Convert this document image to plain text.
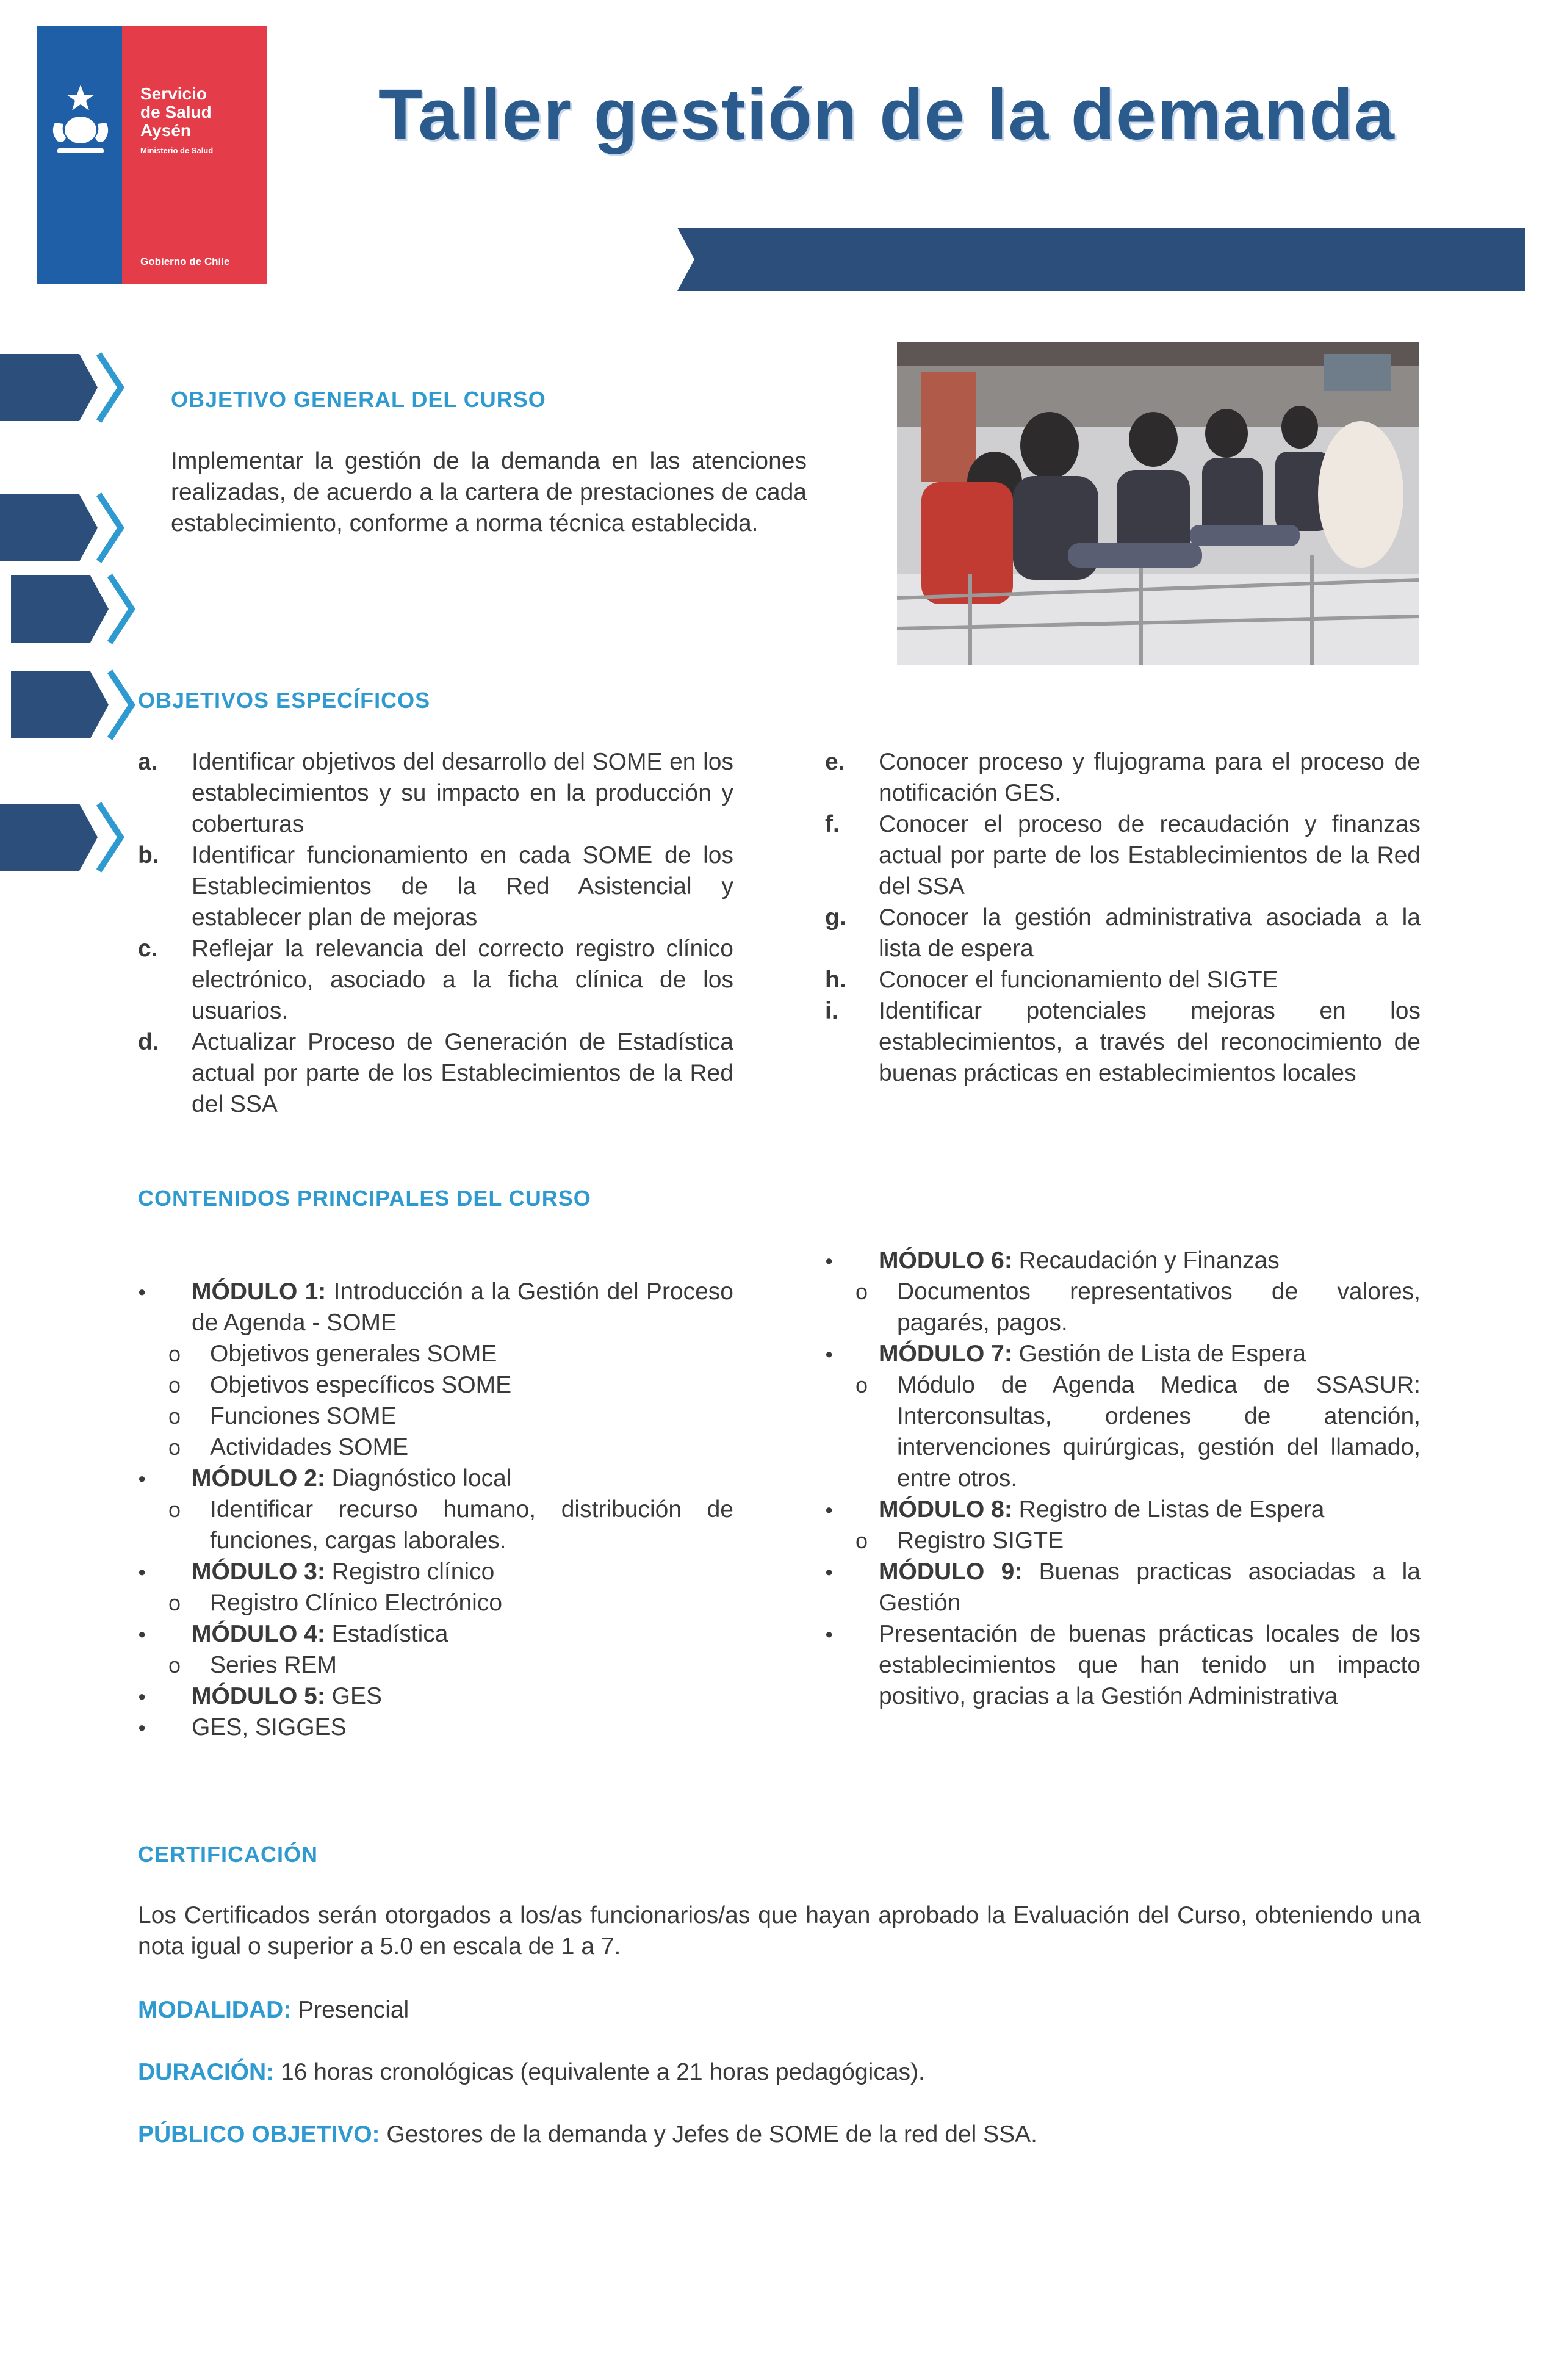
Servicio
de Salud
Aysén
Ministerio de Salud
Gobierno de Chile
Taller gestión de la demanda
OBJETIVO GENERAL DEL CURSO
Implementar la gestión de la demanda en las atenciones realizadas, de acuerdo a la cartera de prestaciones de cada establecimiento, conforme a norma técnica establecida.
OBJETIVOS ESPECÍFICOS
a. Identificar objetivos del desarrollo del SOME en los establecimientos y su impacto en la producción y coberturas
b. Identificar funcionamiento en cada SOME de los Establecimientos de la Red Asistencial y establecer plan de mejoras
c. Reflejar la relevancia del correcto registro clínico electrónico, asociado a la ficha clínica de los usuarios.
d. Actualizar Proceso de Generación de Estadística actual por parte de los Establecimientos de la Red del SSA
e. Conocer proceso y flujograma para el proceso de notificación GES.
f. Conocer el proceso de recaudación y finanzas actual por parte de los Establecimientos de la Red del SSA
g. Conocer la gestión administrativa asociada a la lista de espera
h. Conocer el funcionamiento del SIGTE
i. Identificar potenciales mejoras en los establecimientos, a través del reconocimiento de buenas prácticas en establecimientos locales
CONTENIDOS PRINCIPALES DEL CURSO
● MÓDULO 1: Introducción a la Gestión del Proceso de Agenda - SOME
o Objetivos generales SOME
o Objetivos específicos SOME
o Funciones SOME
o Actividades SOME
● MÓDULO 2: Diagnóstico local
o Identificar recurso humano, distribución de funciones, cargas laborales.
● MÓDULO 3: Registro clínico
o Registro Clínico Electrónico
● MÓDULO 4: Estadística
o Series REM
● MÓDULO 5: GES
● GES, SIGGES
● MÓDULO 6: Recaudación y Finanzas
o Documentos representativos de valores, pagarés, pagos.
● MÓDULO 7: Gestión de Lista de Espera
o Módulo de Agenda Medica de SSASUR: Interconsultas, ordenes de atención, intervenciones quirúrgicas, gestión del llamado, entre otros.
● MÓDULO 8: Registro de Listas de Espera
o Registro SIGTE
● MÓDULO 9: Buenas practicas asociadas a la Gestión
● Presentación de buenas prácticas locales de los establecimientos que han tenido un impacto positivo, gracias a la Gestión Administrativa
CERTIFICACIÓN
Los Certificados serán otorgados a los/as funcionarios/as que hayan aprobado la Evaluación del Curso, obteniendo una nota igual o superior a 5.0 en escala de 1 a 7.
MODALIDAD: Presencial
DURACIÓN: 16 horas cronológicas (equivalente a 21 horas pedagógicas).
PÚBLICO OBJETIVO: Gestores de la demanda y Jefes de SOME de la red del SSA.
